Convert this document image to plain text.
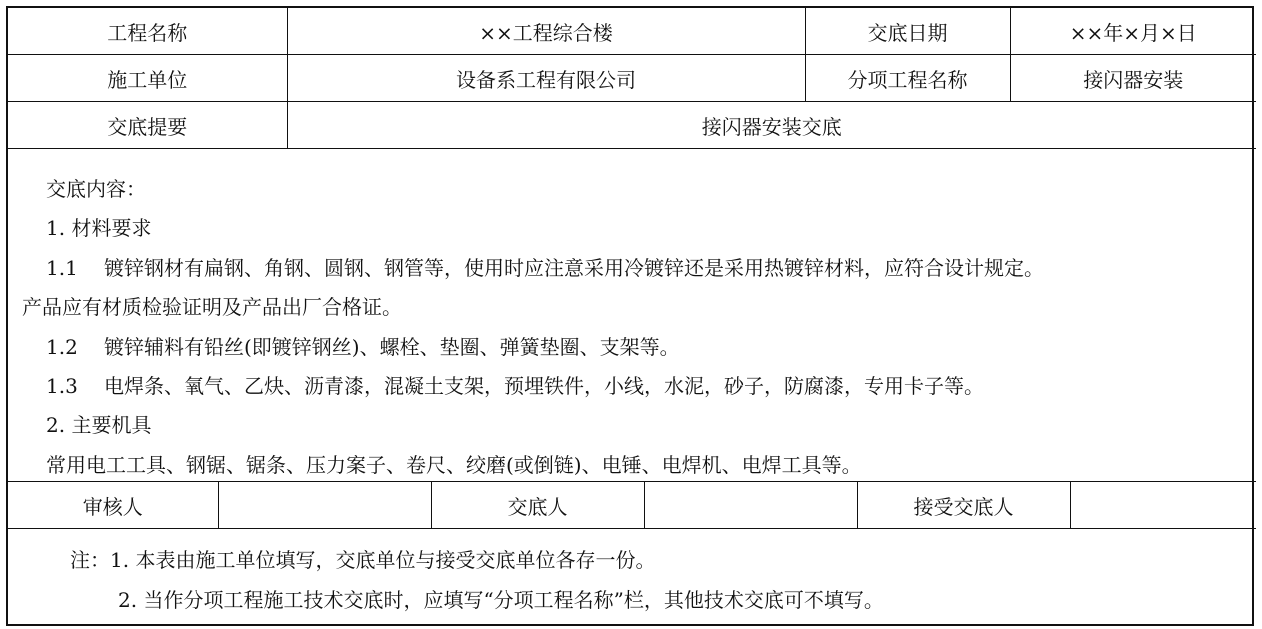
工程名称	××工程综合楼	交底日期	××年×月×日
施工单位	设备系工程有限公司	分项工程名称	接闪器安装
交底提要	接闪器安装交底		

交底内容：

1. 材料要求

1.1 镀锌钢材有扁钢、角钢、圆钢、钢管等，使用时应注意采用冷镀锌还是采用热镀锌材料，应符合设计规定。

产品应有材质检验证明及产品出厂合格证。

1.2 镀锌辅料有铅丝(即镀锌钢丝)、螺栓、垫圈、弹簧垫圈、支架等。

1.3 电焊条、氧气、乙炔、沥青漆，混凝土支架，预埋铁件，小线，水泥，砂子，防腐漆，专用卡子等。

2. 主要机具

常用电工工具、钢锯、锯条、压力案子、卷尺、绞磨(或倒链)、电锤、电焊机、电焊工具等。

审核人		交底人		接受交底人	

注：1. 本表由施工单位填写，交底单位与接受交底单位各存一份。

2. 当作分项工程施工技术交底时，应填写“分项工程名称”栏，其他技术交底可不填写。
